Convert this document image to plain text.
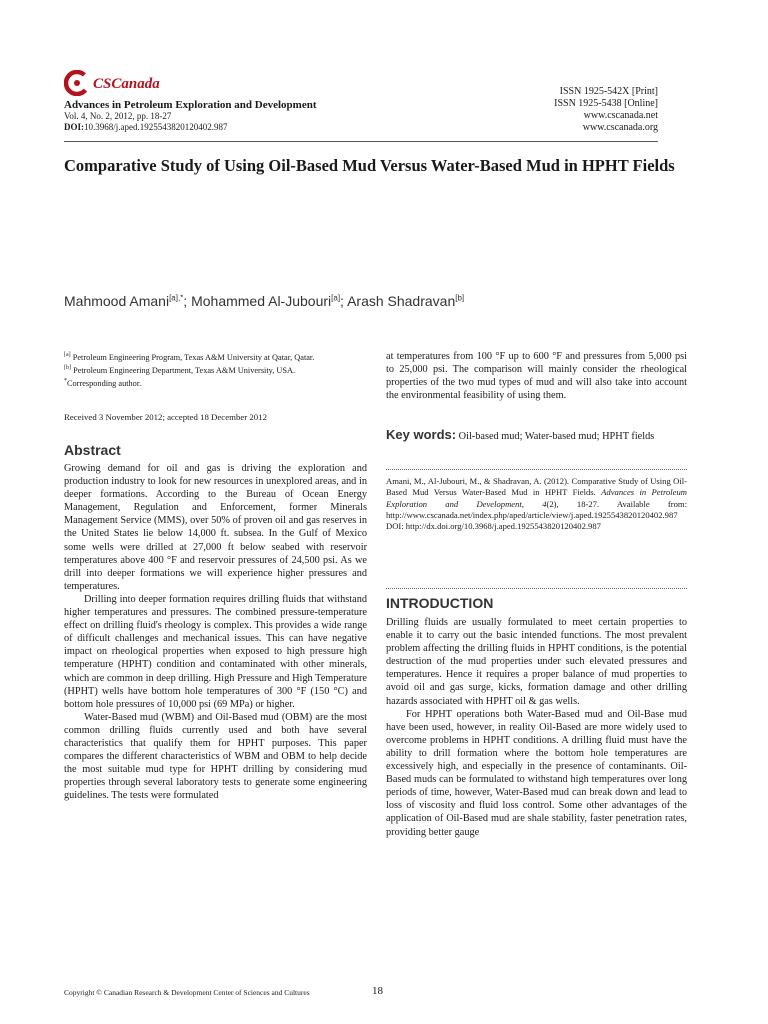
CSCanada
Advances in Petroleum Exploration and Development
Vol. 4, No. 2, 2012, pp. 18-27
DOI:10.3968/j.aped.1925543820120402.987
ISSN 1925-542X [Print]
ISSN 1925-5438 [Online]
www.cscanada.net
www.cscanada.org
Comparative Study of Using Oil-Based Mud Versus Water-Based Mud in HPHT Fields
Mahmood Amani$^{[a],*}$; Mohammed Al-Jubouri[a]; Arash Shadravan[b]
[a] Petroleum Engineering Program, Texas A&M University at Qatar, Qatar.
[b] Petroleum Engineering Department, Texas A&M University, USA.
*Corresponding author.
Received 3 November 2012; accepted 18 December 2012
Abstract

Growing demand for oil and gas is driving the exploration and production industry to look for new resources in unexplored areas, and in deeper formations. According to the Bureau of Ocean Energy Management, Regulation and Enforcement, former Minerals Management Service (MMS), over 50% of proven oil and gas reserves in the United States lie below 14,000 ft. subsea. In the Gulf of Mexico some wells were drilled at 27,000 ft below seabed with reservoir temperatures above 400 °F and reservoir pressures of 24,500 psi. As we drill into deeper formations we will experience higher pressures and temperatures.

Drilling into deeper formation requires drilling fluids that withstand higher temperatures and pressures. The combined pressure-temperature effect on drilling fluid's rheology is complex. This provides a wide range of difficult challenges and mechanical issues. This can have negative impact on rheological properties when exposed to high pressure high temperature (HPHT) condition and contaminated with other minerals, which are common in deep drilling. High Pressure and High Temperature (HPHT) wells have bottom hole temperatures of 300 °F (150 °C) and bottom hole pressures of 10,000 psi (69 MPa) or higher.

Water-Based mud (WBM) and Oil-Based mud (OBM) are the most common drilling fluids currently used and both have several characteristics that qualify them for HPHT purposes. This paper compares the different characteristics of WBM and OBM to help decide the most suitable mud type for HPHT drilling by considering mud properties through several laboratory tests to generate some engineering guidelines. The tests were formulated

at temperatures from 100 °F up to 600 °F and pressures from 5,000 psi to 25,000 psi. The comparison will mainly consider the rheological properties of the two mud types of mud and will also take into account the environmental feasibility of using them.

Key words: Oil-based mud; Water-based mud; HPHT fields
Amani, M., Al-Jubouri, M., & Shadravan, A. (2012). Comparative Study of Using Oil-Based Mud Versus Water-Based Mud in HPHT Fields. Advances in Petroleum Exploration and Development, 4(2), 18-27. Available from: http://www.cscanada.net/index.php/aped/article/view/j.aped.1925543820120402.987
DOI: http://dx.doi.org/10.3968/j.aped.1925543820120402.987
INTRODUCTION

Drilling fluids are usually formulated to meet certain properties to enable it to carry out the basic intended functions. The most prevalent problem affecting the drilling fluids in HPHT conditions, is the potential destruction of the mud properties under such elevated pressures and temperatures. Hence it requires a proper balance of mud properties to avoid oil and gas surge, kicks, formation damage and other drilling hazards associated with HPHT oil & gas wells.

For HPHT operations both Water-Based mud and Oil-Base mud have been used, however, in reality Oil-Based are more widely used to overcome problems in HPHT conditions. A drilling fluid must have the ability to drill formation where the bottom hole temperatures are excessively high, and especially in the presence of contaminants. Oil-Based muds can be formulated to withstand high temperatures over long periods of time, however, Water-Based mud can break down and lead to loss of viscosity and fluid loss control. Some other advantages of the application of Oil-Based mud are shale stability, faster penetration rates, providing better gauge

Copyright © Canadian Research & Development Center of Sciences and Cultures	18
